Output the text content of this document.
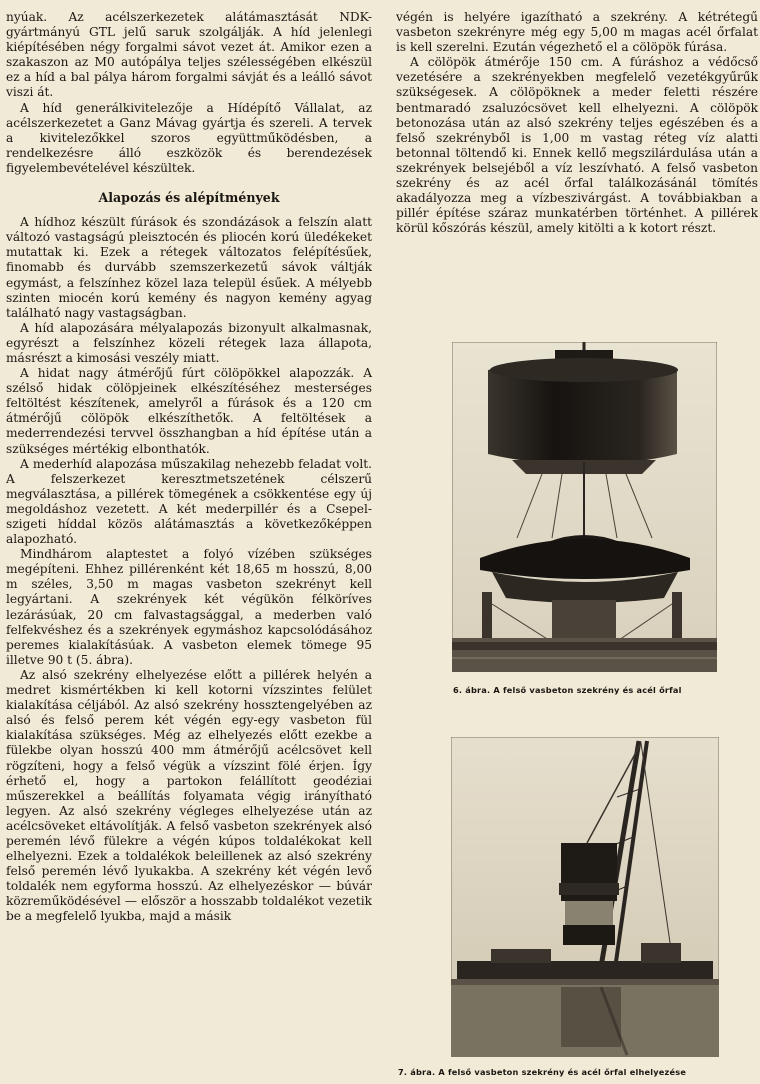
nyúak. Az acélszerkezetek alátámasztását NDK-gyártmányú GTL jelű saruk szolgálják. A híd jelenlegi kiépítésében négy forgalmi sávot vezet át. Amikor ezen a szakaszon az M0 autópálya teljes szélességében elkészül ez a híd a bal pálya három forgalmi sávját és a leálló sávot viszi át.

A híd generálkivitelezője a Hídépítő Vállalat, az acélszerkezetet a Ganz Mávag gyártja és szereli. A tervek a kivitelezőkkel szoros együttműködésben, a rendelkezésre álló eszközök és berendezések figyelembevételével készültek.

Alapozás és alépítmények

A hídhoz készült fúrások és szondázások a felszín alatt változó vastagságú pleisztocén és pliocén korú üledékeket mutattak ki. Ezek a rétegek változatos felépítésűek, finomabb és durvább szemszerkezetű sávok váltják egymást, a felszínhez közel laza települ ésűek. A mélyebb szinten miocén korú kemény és nagyon kemény agyag található nagy vastagságban.

A híd alapozására mélyalapozás bizonyult alkalmasnak, egyrészt a felszínhez közeli rétegek laza állapota, másrészt a kimosási veszély miatt.

A hidat nagy átmérőjű fúrt cölöpökkel alapozzák. A szélső hidak cölöpjeinek elkészítéséhez mesterséges feltöltést készítenek, amelyről a fúrások és a 120 cm átmérőjű cölöpök elkészíthetők. A feltöltések a mederrendezési tervvel összhangban a híd építése után a szükséges mértékig elbonthatók.

A mederhíd alapozása műszakilag nehezebb feladat volt. A felszerkezet keresztmetszetének célszerű megválasztása, a pillérek tömegének a csökkentése egy új megoldáshoz vezetett. A két mederpillér és a Csepel-szigeti híddal közös alátámasztás a következőképpen alapozható.

Mindhárom alaptestet a folyó vízében szükséges megépíteni. Ehhez pillérenként két 18,65 m hosszú, 8,00 m széles, 3,50 m magas vasbeton szekrényt kell legyártani. A szekrények két végükön félköríves lezárásúak, 20 cm falvastagsággal, a mederben való felfekvéshez és a szekrények egymáshoz kapcsolódásához peremes kialakításúak. A vasbeton elemek tömege 95 illetve 90 t (5. ábra).

Az alsó szekrény elhelyezése előtt a pillérek helyén a medret kismértékben ki kell kotorni vízszintes felület kialakítása céljából. Az alsó szekrény hossztengelyében az alsó és felső perem két végén egy-egy vasbeton fül kialakítása szükséges. Még az elhelyezés előtt ezekbe a fülekbe olyan hosszú 400 mm átmérőjű acélcsövet kell rögzíteni, hogy a felső végük a vízszint fölé érjen. Így érhető el, hogy a partokon felállított geodéziai műszerekkel a beállítás folyamata végig irányítható legyen. Az alsó szekrény végleges elhelyezése után az acélcsöveket eltávolítják. A felső vasbeton szekrények alsó peremén lévő fülekre a végén kúpos toldalékokat kell elhelyezni. Ezek a toldalékok beleillenek az alsó szekrény felső peremén lévő lyukakba. A szekrény két végén levő toldalék nem egyforma hosszú. Az elhelyezéskor — búvár közreműködésével — először a hosszabb toldalékot vezetik be a megfelelő lyukba, majd a másik

végén is helyére igazítható a szekrény. A kétrétegű vasbeton szekrényre még egy 5,00 m magas acél őrfalat is kell szerelni. Ezután végezhető el a cölöpök fúrása.

A cölöpök átmérője 150 cm. A fúráshoz a védőcső vezetésére a szekrényekben megfelelő vezetékgyűrűk szükségesek. A cölöpöknek a meder feletti részére bentmaradó zsaluzócsövet kell elhelyezni. A cölöpök betonozása után az alsó szekrény teljes egészében és a felső szekrényből is 1,00 m vastag réteg víz alatti betonnal töltendő ki. Ennek kellő megszilárdulása után a szekrények belsejéből a víz leszívható. A felső vasbeton szekrény és az acél őrfal találkozásánál tömítés akadályozza meg a vízbeszivárgást. A továbbiakban a pillér építése száraz munkatérben történhet. A pillérek körül kőszórás készül, amely kitölti a k kotort részt.

6. ábra. A felső vasbeton szekrény és acél őrfal
7. ábra. A felső vasbeton szekrény és acél őrfal elhelyezése
